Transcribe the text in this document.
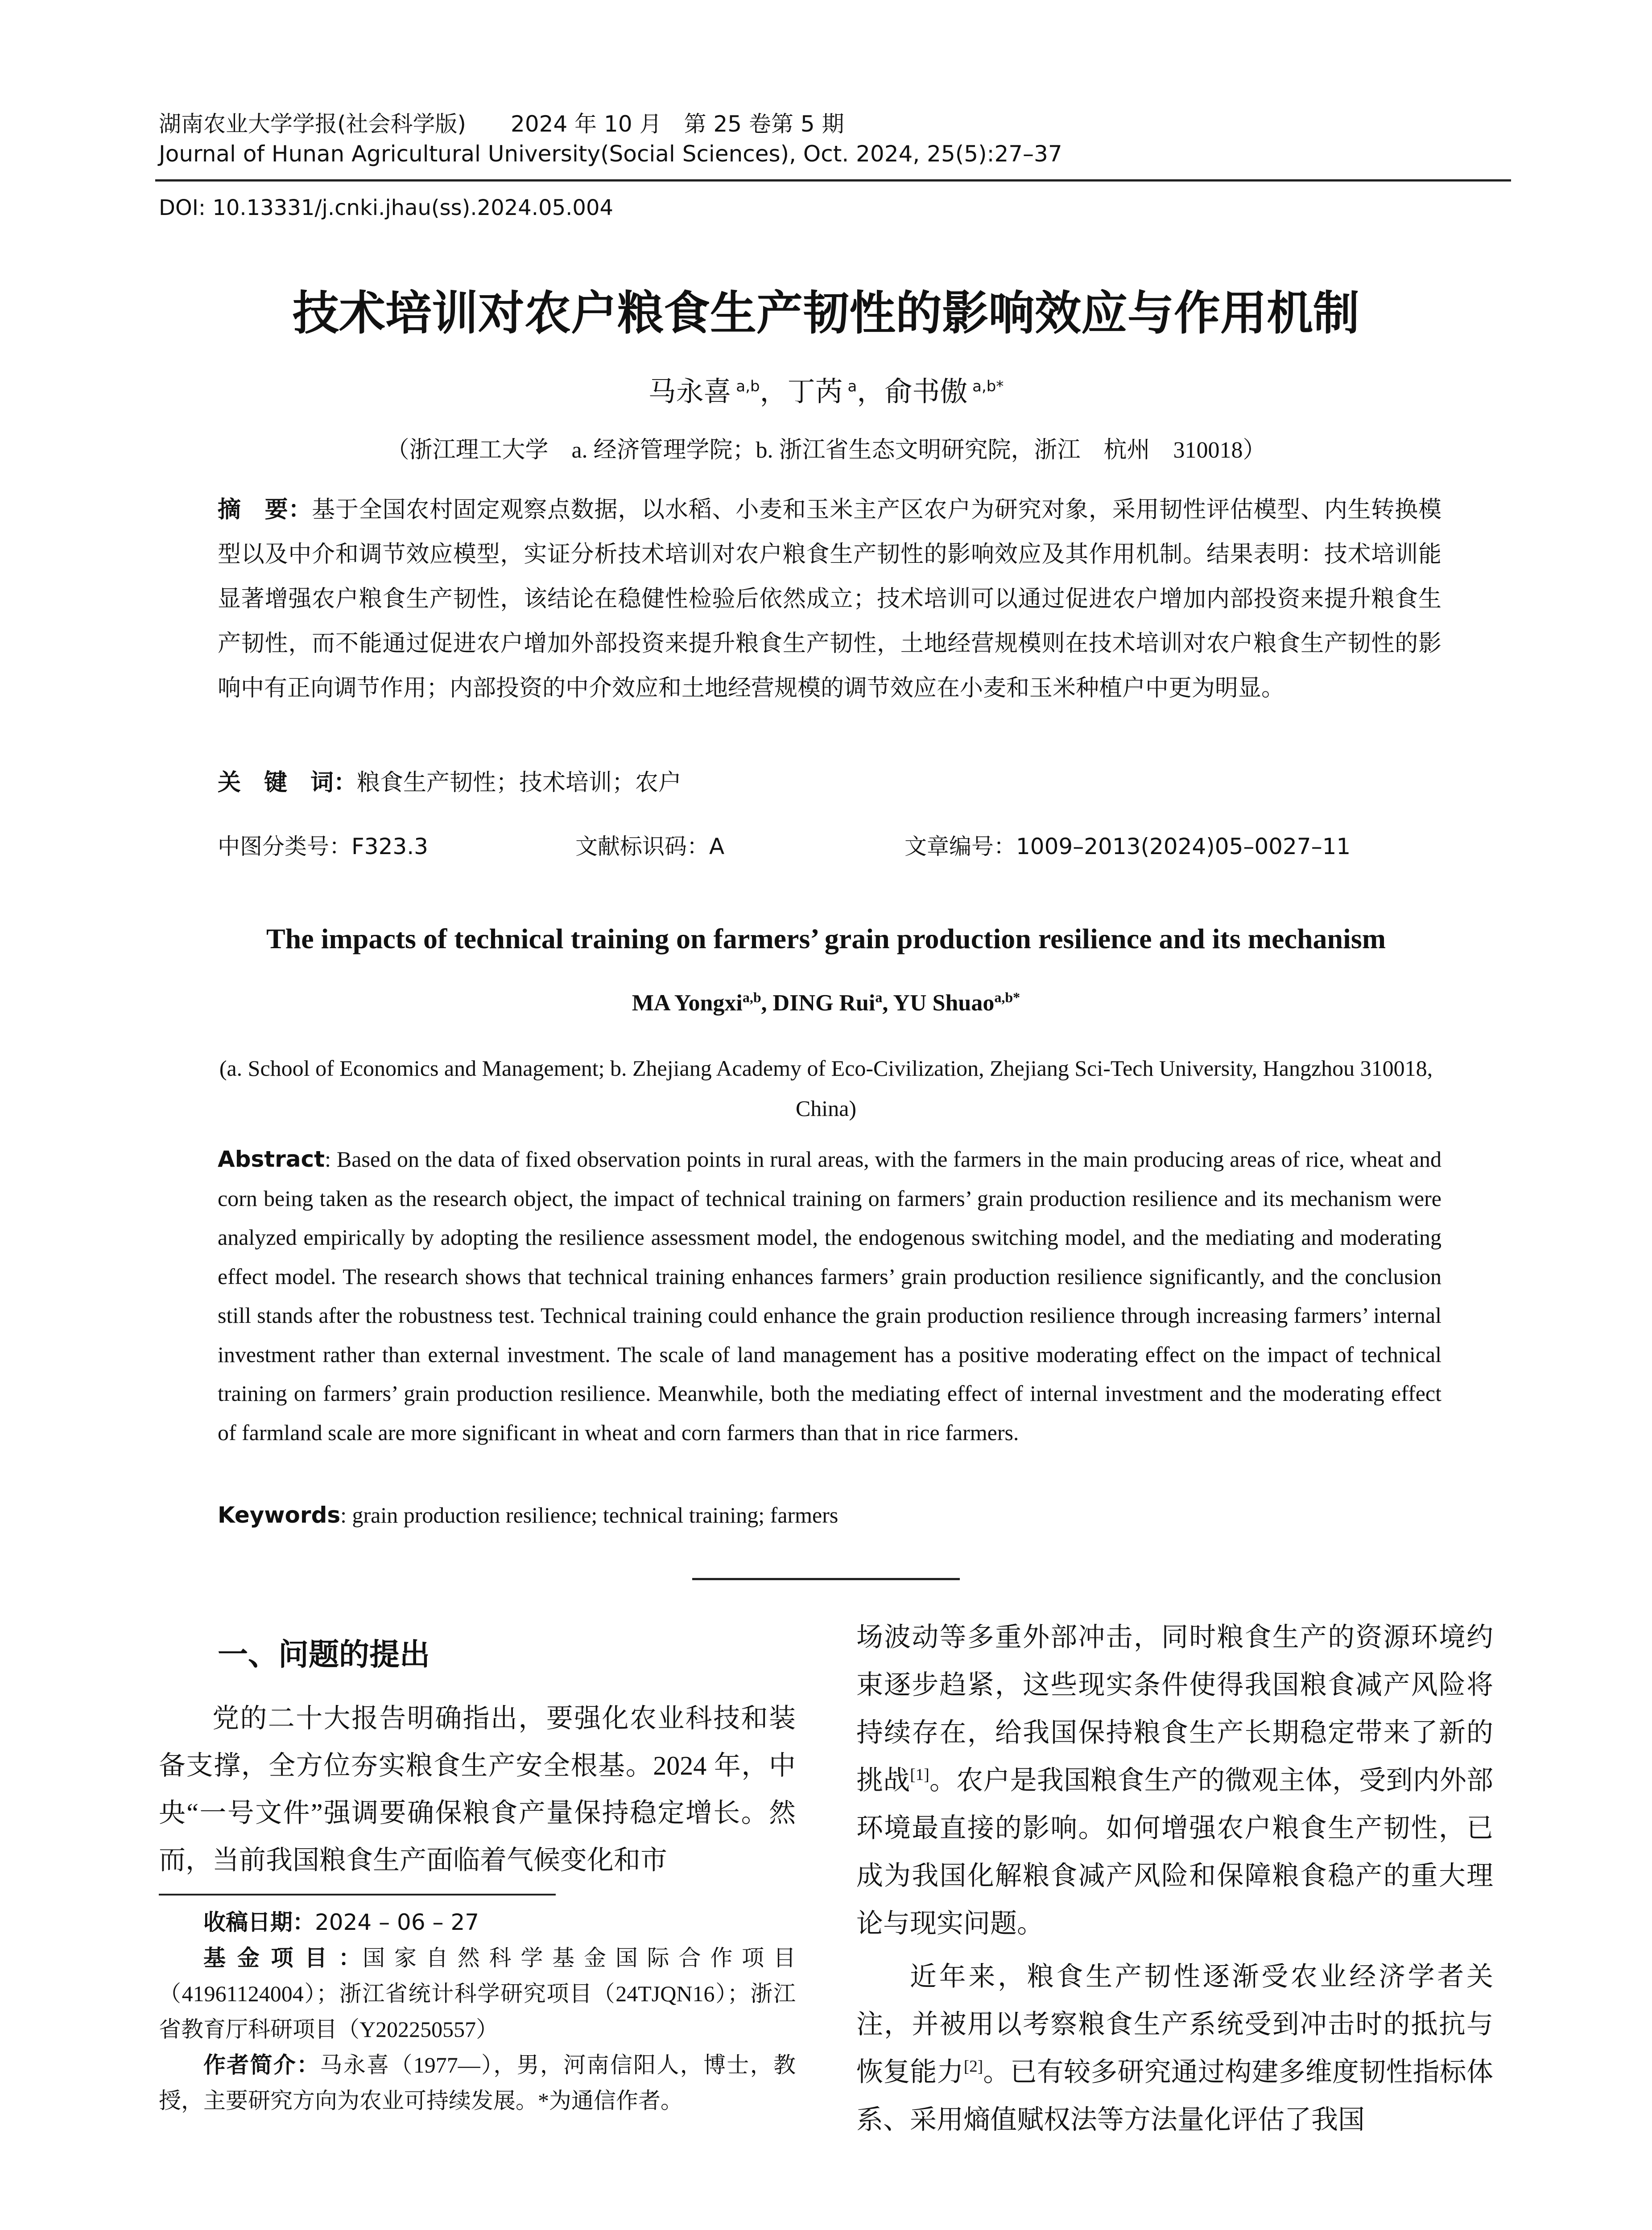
湖南农业大学学报(社会科学版)　　2024 年 10 月　第 25 卷第 5 期
Journal of Hunan Agricultural University(Social Sciences), Oct. 2024, 25(5):27–37
DOI: 10.13331/j.cnki.jhau(ss).2024.05.004
技术培训对农户粮食生产韧性的影响效应与作用机制
马永喜 $^{a,b}$，丁芮 $^a$，俞书傲 $^{a,b*}$
（浙江理工大学　a. 经济管理学院；b. 浙江省生态文明研究院，浙江　杭州　310018）
摘　要：基于全国农村固定观察点数据，以水稻、小麦和玉米主产区农户为研究对象，采用韧性评估模型、内生转换模型以及中介和调节效应模型，实证分析技术培训对农户粮食生产韧性的影响效应及其作用机制。结果表明：技术培训能显著增强农户粮食生产韧性，该结论在稳健性检验后依然成立；技术培训可以通过促进农户增加内部投资来提升粮食生产韧性，而不能通过促进农户增加外部投资来提升粮食生产韧性，土地经营规模则在技术培训对农户粮食生产韧性的影响中有正向调节作用；内部投资的中介效应和土地经营规模的调节效应在小麦和玉米种植户中更为明显。
关　键　词：粮食生产韧性；技术培训；农户
中图分类号：F323.3	文献标识码：A	文章编号：1009–2013(2024)05–0027–11
The impacts of technical training on farmers’ grain production resilience and its mechanism
MA Yongxi$^{a,b}$, DING Rui$^a$, YU Shuao$^{a,b*}$
(a. School of Economics and Management; b. Zhejiang Academy of Eco-Civilization, Zhejiang Sci-Tech University, Hangzhou 310018, China)
Abstract: Based on the data of fixed observation points in rural areas, with the farmers in the main producing areas of rice, wheat and corn being taken as the research object, the impact of technical training on farmers’ grain production resilience and its mechanism were analyzed empirically by adopting the resilience assessment model, the endogenous switching model, and the mediating and moderating effect model. The research shows that technical training enhances farmers’ grain production resilience significantly, and the conclusion still stands after the robustness test. Technical training could enhance the grain production resilience through increasing farmers’ internal investment rather than external investment. The scale of land management has a positive moderating effect on the impact of technical training on farmers’ grain production resilience. Meanwhile, both the mediating effect of internal investment and the moderating effect of farmland scale are more significant in wheat and corn farmers than that in rice farmers.
Keywords: grain production resilience; technical training; farmers
一、问题的提出

党的二十大报告明确指出，要强化农业科技和装备支撑，全方位夯实粮食生产安全根基。2024 年，中央“一号文件”强调要确保粮食产量保持稳定增长。然而，当前我国粮食生产面临着气候变化和市

场波动等多重外部冲击，同时粮食生产的资源环境约束逐步趋紧，这些现实条件使得我国粮食减产风险将持续存在，给我国保持粮食生产长期稳定带来了新的挑战[1]。农户是我国粮食生产的微观主体，受到内外部环境最直接的影响。如何增强农户粮食生产韧性，已成为我国化解粮食减产风险和保障粮食稳产的重大理论与现实问题。

近年来，粮食生产韧性逐渐受农业经济学者关注，并被用以考察粮食生产系统受到冲击时的抵抗与恢复能力[2]。已有较多研究通过构建多维度韧性指标体系、采用熵值赋权法等方法量化评估了我国

收稿日期：2024 – 06 – 27

基 金 项 目 ：国 家 自 然 科 学 基 金 国 际 合 作 项 目（41961124004）；浙江省统计科学研究项目（24TJQN16）；浙江省教育厅科研项目（Y202250557）

作者简介：马永喜（1977—），男，河南信阳人，博士，教授，主要研究方向为农业可持续发展。*为通信作者。
